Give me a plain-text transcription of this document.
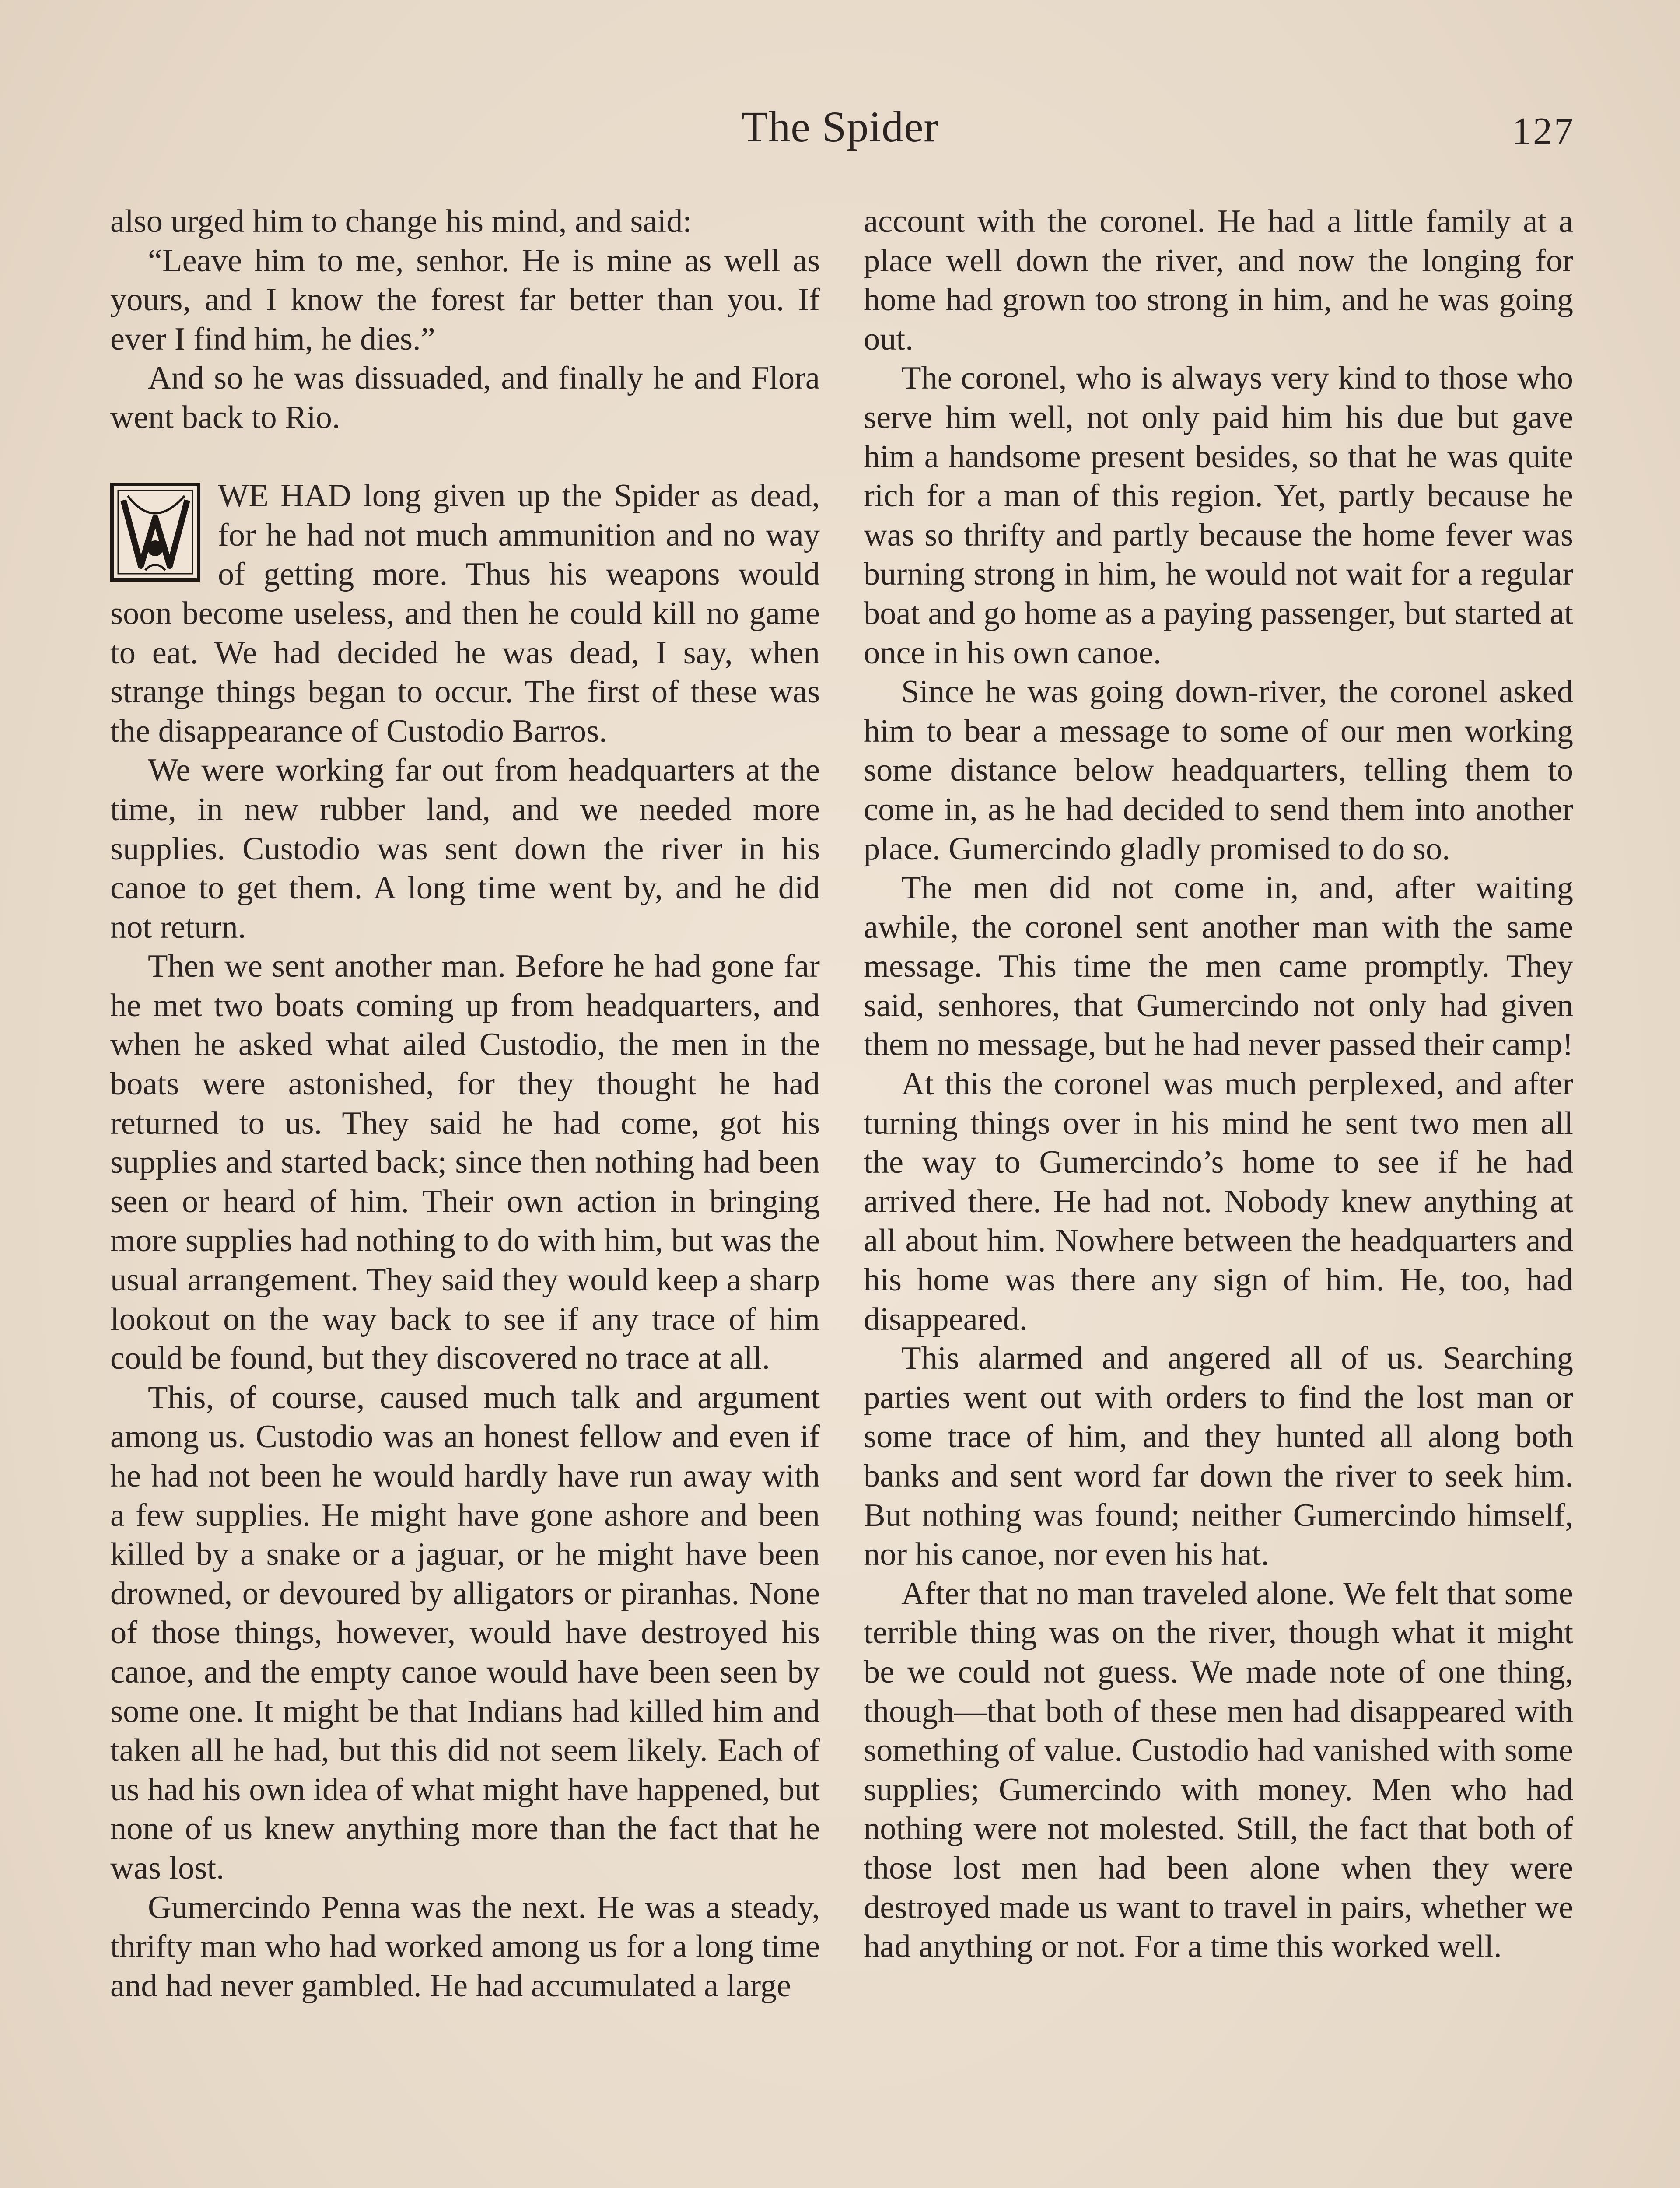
The Spider	127

also urged him to change his mind, and said:

“Leave him to me, senhor. He is mine as well as yours, and I know the forest far better than you. If ever I find him, he dies.”

And so he was dissuaded, and finally he and Flora went back to Rio.

WE HAD long given up the Spider as dead, for he had not much ammunition and no way of getting more. Thus his weapons would soon become useless, and then he could kill no game to eat. We had decided he was dead, I say, when strange things began to occur. The first of these was the disappearance of Custodio Barros.

We were working far out from headquarters at the time, in new rubber land, and we needed more supplies. Custodio was sent down the river in his canoe to get them. A long time went by, and he did not return.

Then we sent another man. Before he had gone far he met two boats coming up from headquarters, and when he asked what ailed Custodio, the men in the boats were astonished, for they thought he had returned to us. They said he had come, got his supplies and started back; since then nothing had been seen or heard of him. Their own action in bringing more supplies had nothing to do with him, but was the usual arrangement. They said they would keep a sharp lookout on the way back to see if any trace of him could be found, but they discovered no trace at all.

This, of course, caused much talk and argument among us. Custodio was an honest fellow and even if he had not been he would hardly have run away with a few supplies. He might have gone ashore and been killed by a snake or a jaguar, or he might have been drowned, or devoured by alligators or piranhas. None of those things, however, would have destroyed his canoe, and the empty canoe would have been seen by some one. It might be that Indians had killed him and taken all he had, but this did not seem likely. Each of us had his own idea of what might have happened, but none of us knew anything more than the fact that he was lost.

Gumercindo Penna was the next. He was a steady, thrifty man who had worked among us for a long time and had never gambled. He had accumulated a large

account with the coronel. He had a little family at a place well down the river, and now the longing for home had grown too strong in him, and he was going out.

The coronel, who is always very kind to those who serve him well, not only paid him his due but gave him a handsome present besides, so that he was quite rich for a man of this region. Yet, partly because he was so thrifty and partly because the home fever was burning strong in him, he would not wait for a regular boat and go home as a paying passenger, but started at once in his own canoe.

Since he was going down-river, the coronel asked him to bear a message to some of our men working some distance below headquarters, telling them to come in, as he had decided to send them into another place. Gumercindo gladly promised to do so.

The men did not come in, and, after waiting awhile, the coronel sent another man with the same message. This time the men came promptly. They said, senhores, that Gumercindo not only had given them no message, but he had never passed their camp!

At this the coronel was much perplexed, and after turning things over in his mind he sent two men all the way to Gumercindo’s home to see if he had arrived there. He had not. Nobody knew anything at all about him. Nowhere between the headquarters and his home was there any sign of him. He, too, had disappeared.

This alarmed and angered all of us. Searching parties went out with orders to find the lost man or some trace of him, and they hunted all along both banks and sent word far down the river to seek him. But nothing was found; neither Gumercindo himself, nor his canoe, nor even his hat.

After that no man traveled alone. We felt that some terrible thing was on the river, though what it might be we could not guess. We made note of one thing, though—that both of these men had disappeared with something of value. Custodio had vanished with some supplies; Gumercindo with money. Men who had nothing were not molested. Still, the fact that both of those lost men had been alone when they were destroyed made us want to travel in pairs, whether we had anything or not. For a time this worked well.
